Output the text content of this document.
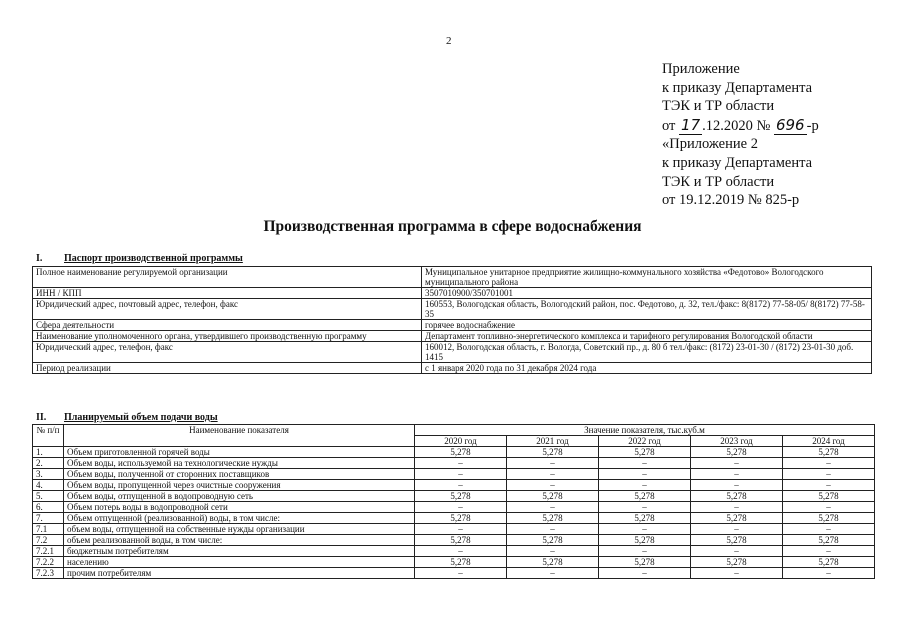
2
Приложение
к приказу Департамента
ТЭК и ТР области
от 17 .12.2020 № 696 -р
«Приложение 2
к приказу Департамента
ТЭК и ТР области
от 19.12.2019 № 825-р
Производственная программа в сфере водоснабжения
I. Паспорт производственной программы
Полное наименование регулируемой организации	Муниципальное унитарное предприятие жилищно-коммунального хозяйства «Федотово» Вологодского муниципального района
ИНН / КПП	3507010900/350701001
Юридический адрес, почтовый адрес, телефон, факс	160553, Вологодская область, Вологодский район, пос. Федотово, д. 32, тел./факс: 8(8172) 77-58-05/ 8(8172) 77-58-35
Сфера деятельности	горячее водоснабжение
Наименование уполномоченного органа, утвердившего производственную программу	Департамент топливно-энергетического комплекса и тарифного регулирования Вологодской области
Юридический адрес, телефон, факс	160012, Вологодская область, г. Вологда, Советский пр., д. 80 б тел./факс: (8172) 23-01-30 / (8172) 23-01-30 доб. 1415
Период реализации	с 1 января 2020 года по 31 декабря 2024 года
II. Планируемый объем подачи воды
№ п/п	Наименование показателя	Значение показателя, тыс.куб.м				
		2020 год	2021 год	2022 год	2023 год	2024 год
1.	Объем приготовленной горячей воды	5,278	5,278	5,278	5,278	5,278
2.	Объем воды, используемой на технологические нужды	–	–	–	–	–
3.	Объем воды, полученной от сторонних поставщиков	–	–	–	–	–
4.	Объем воды, пропущенной через очистные сооружения	–	–	–	–	–
5.	Объем воды, отпущенной в водопроводную сеть	5,278	5,278	5,278	5,278	5,278
6.	Объем потерь воды в водопроводной сети	–	–	–	–	–
7.	Объем отпущенной (реализованной) воды, в том числе:	5,278	5,278	5,278	5,278	5,278
7.1	объем воды, отпущенной на собственные нужды организации	–	–	–	–	–
7.2	объем реализованной воды, в том числе:	5,278	5,278	5,278	5,278	5,278
7.2.1	бюджетным потребителям	–	–	–	–	–
7.2.2	населению	5,278	5,278	5,278	5,278	5,278
7.2.3	прочим потребителям	–	–	–	–	–
